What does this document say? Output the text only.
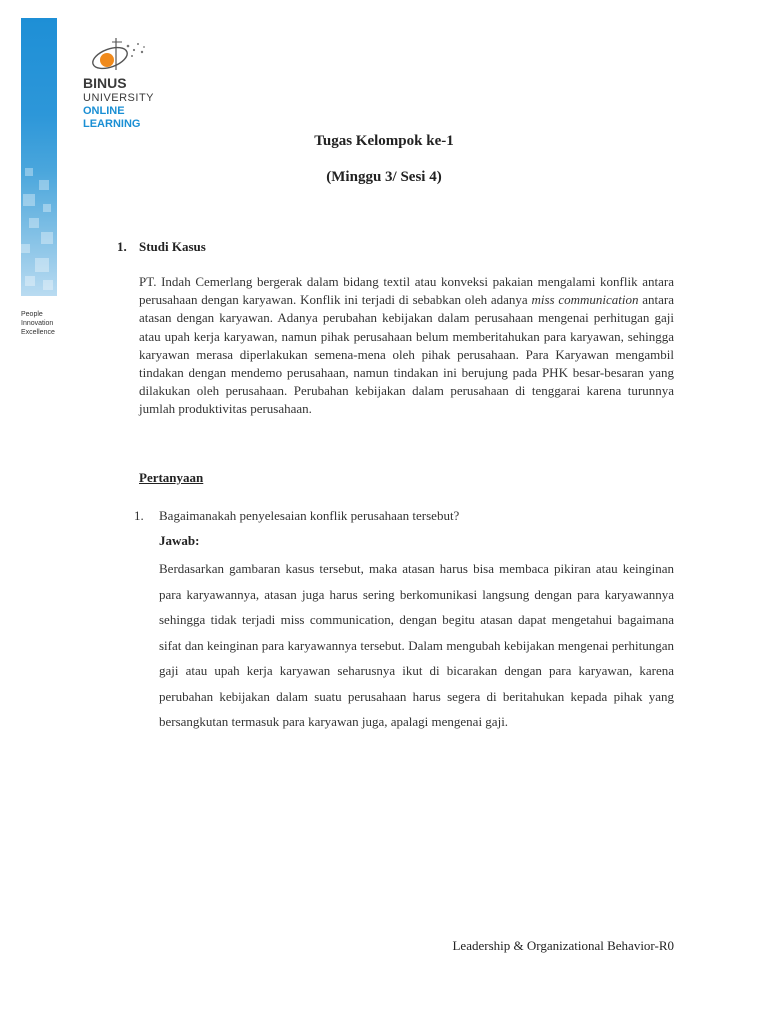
People
Innovation
Excellence
BINUS
UNIVERSITY
ONLINE
LEARNING
Tugas Kelompok ke-1
(Minggu 3/ Sesi 4)
1. Studi Kasus
PT. Indah Cemerlang bergerak dalam bidang textil atau konveksi pakaian mengalami konflik antara perusahaan dengan karyawan. Konflik ini terjadi di sebabkan oleh adanya miss communication antara atasan dengan karyawan. Adanya perubahan kebijakan dalam perusahaan mengenai perhitugan gaji atau upah kerja karyawan, namun pihak perusahaan belum memberitahukan para karyawan, sehingga karyawan merasa diperlakukan semena-mena oleh pihak perusahaan. Para Karyawan mengambil tindakan dengan mendemo perusahaan, namun tindakan ini berujung pada PHK besar-besaran yang dilakukan oleh perusahaan. Perubahan kebijakan dalam perusahaan di tenggarai karena turunnya jumlah produktivitas perusahaan.
Pertanyaan
1. Bagaimanakah penyelesaian konflik perusahaan tersebut?
Jawab:
Berdasarkan gambaran kasus tersebut, maka atasan harus bisa membaca pikiran atau keinginan para karyawannya, atasan juga harus sering berkomunikasi langsung dengan para karyawannya sehingga tidak terjadi miss communication, dengan begitu atasan dapat mengetahui bagaimana sifat dan keinginan para karyawannya tersebut. Dalam mengubah kebijakan mengenai perhitungan gaji atau upah kerja karyawan seharusnya ikut di bicarakan dengan para karyawan, karena perubahan kebijakan dalam suatu perusahaan harus segera di beritahukan kepada pihak yang bersangkutan termasuk para karyawan juga, apalagi mengenai gaji.
Leadership & Organizational Behavior-R0
